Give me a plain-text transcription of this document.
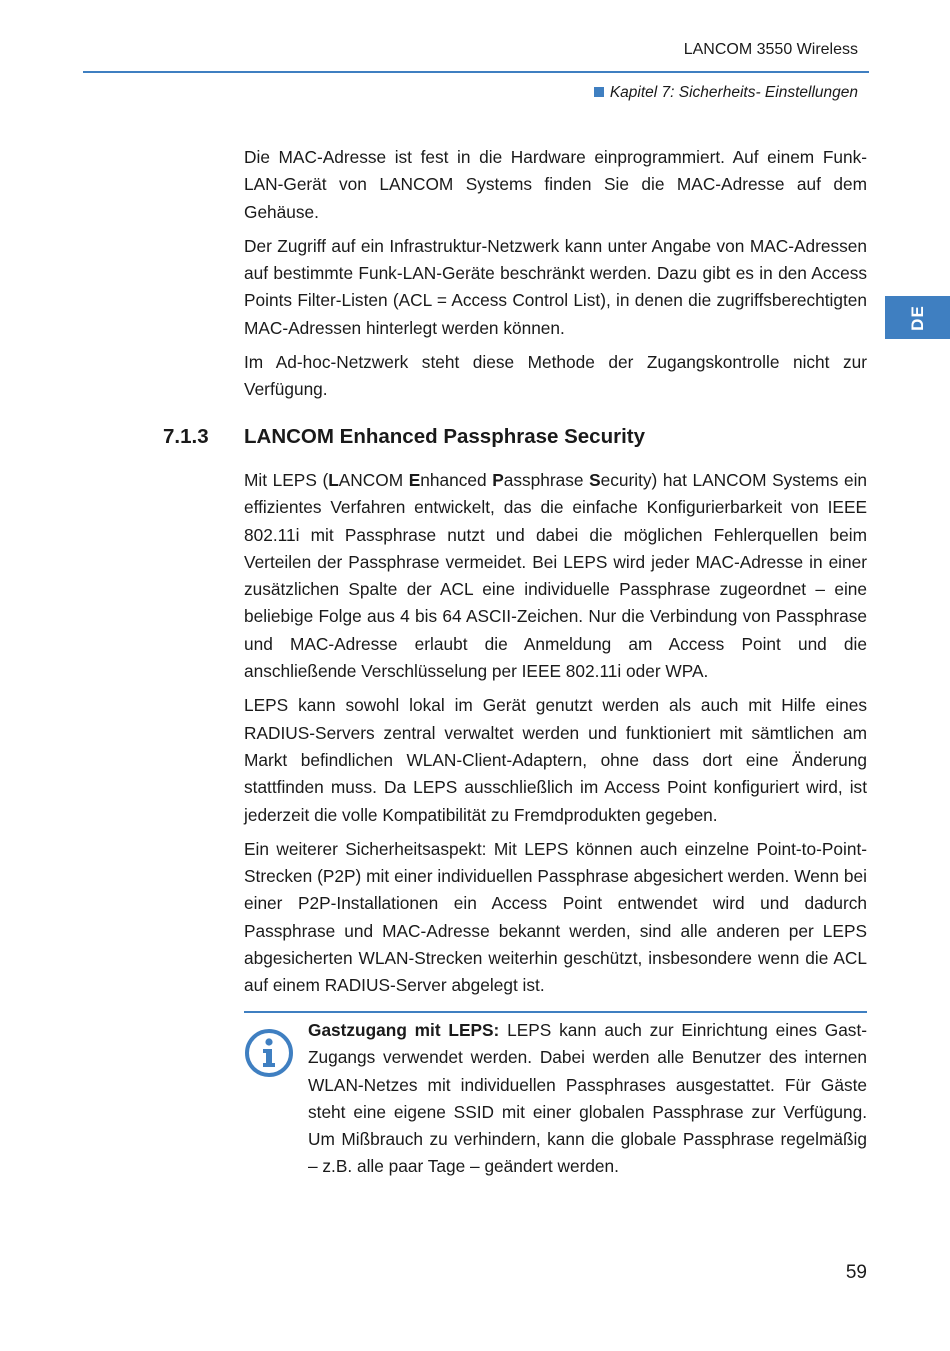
LANCOM 3550 Wireless
Kapitel 7: Sicherheits- Einstellungen
DE

Die MAC-Adresse ist fest in die Hardware einprogrammiert. Auf einem Funk-LAN-Gerät von LANCOM Systems finden Sie die MAC-Adresse auf dem Gehäuse.

Der Zugriff auf ein Infrastruktur-Netzwerk kann unter Angabe von MAC-Adressen auf bestimmte Funk-LAN-Geräte beschränkt werden. Dazu gibt es in den Access Points Filter-Listen (ACL = Access Control List), in denen die zugriffsberechtigten MAC-Adressen hinterlegt werden können.

Im Ad-hoc-Netzwerk steht diese Methode der Zugangskontrolle nicht zur Verfügung.

7.1.3 LANCOM Enhanced Passphrase Security

Mit LEPS (LANCOM Enhanced Passphrase Security) hat LANCOM Systems ein effizientes Verfahren entwickelt, das die einfache Konfigurierbarkeit von IEEE 802.11i mit Passphrase nutzt und dabei die möglichen Fehlerquellen beim Verteilen der Passphrase vermeidet. Bei LEPS wird jeder MAC-Adresse in einer zusätzlichen Spalte der ACL eine individuelle Passphrase zugeordnet – eine beliebige Folge aus 4 bis 64 ASCII-Zeichen. Nur die Verbindung von Passphrase und MAC-Adresse erlaubt die Anmeldung am Access Point und die anschließende Verschlüsselung per IEEE 802.11i oder WPA.

LEPS kann sowohl lokal im Gerät genutzt werden als auch mit Hilfe eines RADIUS-Servers zentral verwaltet werden und funktioniert mit sämtlichen am Markt befindlichen WLAN-Client-Adaptern, ohne dass dort eine Änderung stattfinden muss. Da LEPS ausschließlich im Access Point konfiguriert wird, ist jederzeit die volle Kompatibilität zu Fremdprodukten gegeben.

Ein weiterer Sicherheitsaspekt: Mit LEPS können auch einzelne Point-to-Point-Strecken (P2P) mit einer individuellen Passphrase abgesichert werden. Wenn bei einer P2P-Installationen ein Access Point entwendet wird und dadurch Passphrase und MAC-Adresse bekannt werden, sind alle anderen per LEPS abgesicherten WLAN-Strecken weiterhin geschützt, insbesondere wenn die ACL auf einem RADIUS-Server abgelegt ist.

Gastzugang mit LEPS: LEPS kann auch zur Einrichtung eines Gast-Zugangs verwendet werden. Dabei werden alle Benutzer des internen WLAN-Netzes mit individuellen Passphrases ausgestattet. Für Gäste steht eine eigene SSID mit einer globalen Passphrase zur Verfügung. Um Mißbrauch zu verhindern, kann die globale Passphrase regelmäßig – z.B. alle paar Tage – geändert werden.

59
